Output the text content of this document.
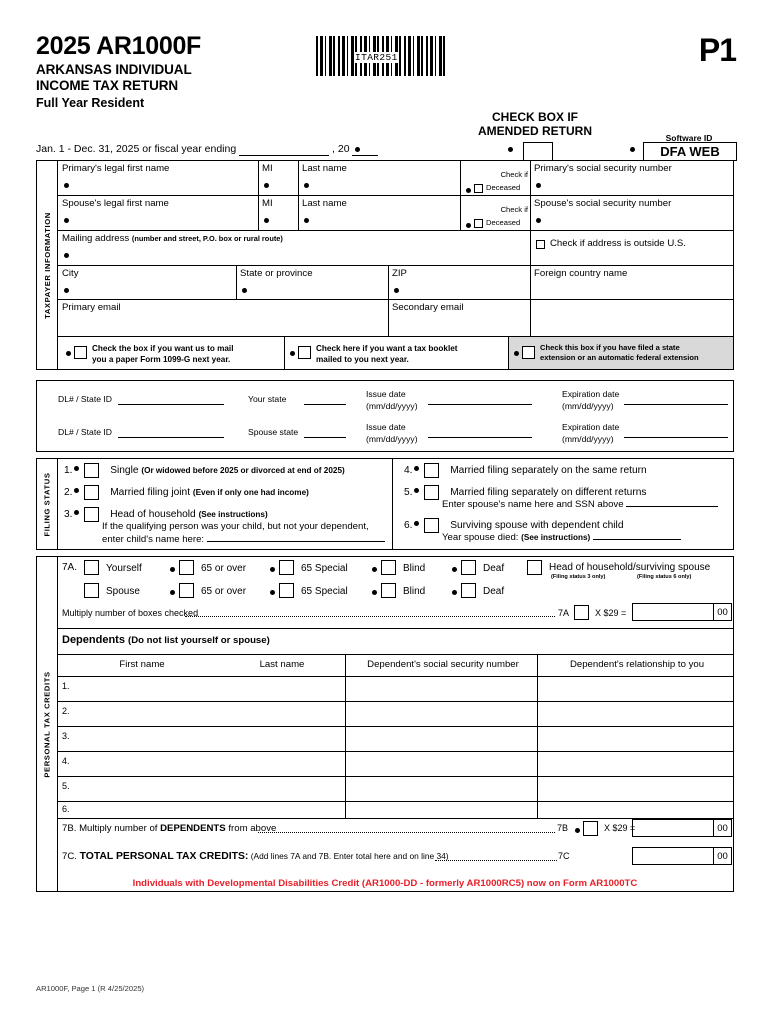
2025 AR1000F
ARKANSAS INDIVIDUAL
INCOME TAX RETURN
Full Year Resident
ITAR251	P1
CHECK BOX IF
AMENDED RETURN	Software ID
DFA WEB
Jan. 1 - Dec. 31, 2025 or fiscal year ending	, 20
TAXPAYER INFORMATION
Primary's legal first name	MI	Last name
Check if
Deceased
Primary's social security number
Spouse's legal first name	MI	Last name
Check if
Deceased
Spouse's social security number
Mailing address (number and street, P.O. box or rural route)	Check if address is outside U.S.
City	State or province	ZIP	Foreign country name
Primary email	Secondary email
Check the box if you want us to mail
you a paper Form 1099-G next year.
Check here if you want a tax booklet
mailed to you next year.
Check this box if you have filed a state
extension or an automatic federal extension
DL# / State ID	Your state	Issue date
(mm/dd/yyyy)
Expiration date
(mm/dd/yyyy)
DL# / State ID	Spouse state	Issue date
(mm/dd/yyyy)
Expiration date
(mm/dd/yyyy)
FILING STATUS
1.	Single (Or widowed before 2025 or divorced at end of 2025)
2.	Married filing joint (Even if only one had income)
3.	Head of household (See instructions)
If the qualifying person was your child, but not your dependent,
enter child's name here:
4.	Married filing separately on the same return
5.	Married filing separately on different returns
Enter spouse's name here and SSN above
6.	Surviving spouse with dependent child
Year spouse died: (See instructions)
PERSONAL TAX CREDITS
7A.	Yourself	65 or over	65 Special	Blind	Deaf	Head of household/surviving spouse
(Filing status 3 only)	(Filing status 6 only)
Spouse	65 or over	65 Special	Blind	Deaf
Multiply number of boxes checked	7A	X $29 =	00
Dependents (Do not list yourself or spouse)
First name	Last name	Dependent's social security number	Dependent's relationship to you
1.
2.
3.
4.
5.
6.
7B. Multiply number of DEPENDENTS from above	7B	X $29 =	00
7C. TOTAL PERSONAL TAX CREDITS: (Add lines 7A and 7B. Enter total here and on line 34)	7C	00
Individuals with Developmental Disabilities Credit (AR1000-DD - formerly AR1000RC5) now on Form AR1000TC
AR1000F, Page 1 (R 4/25/2025)
